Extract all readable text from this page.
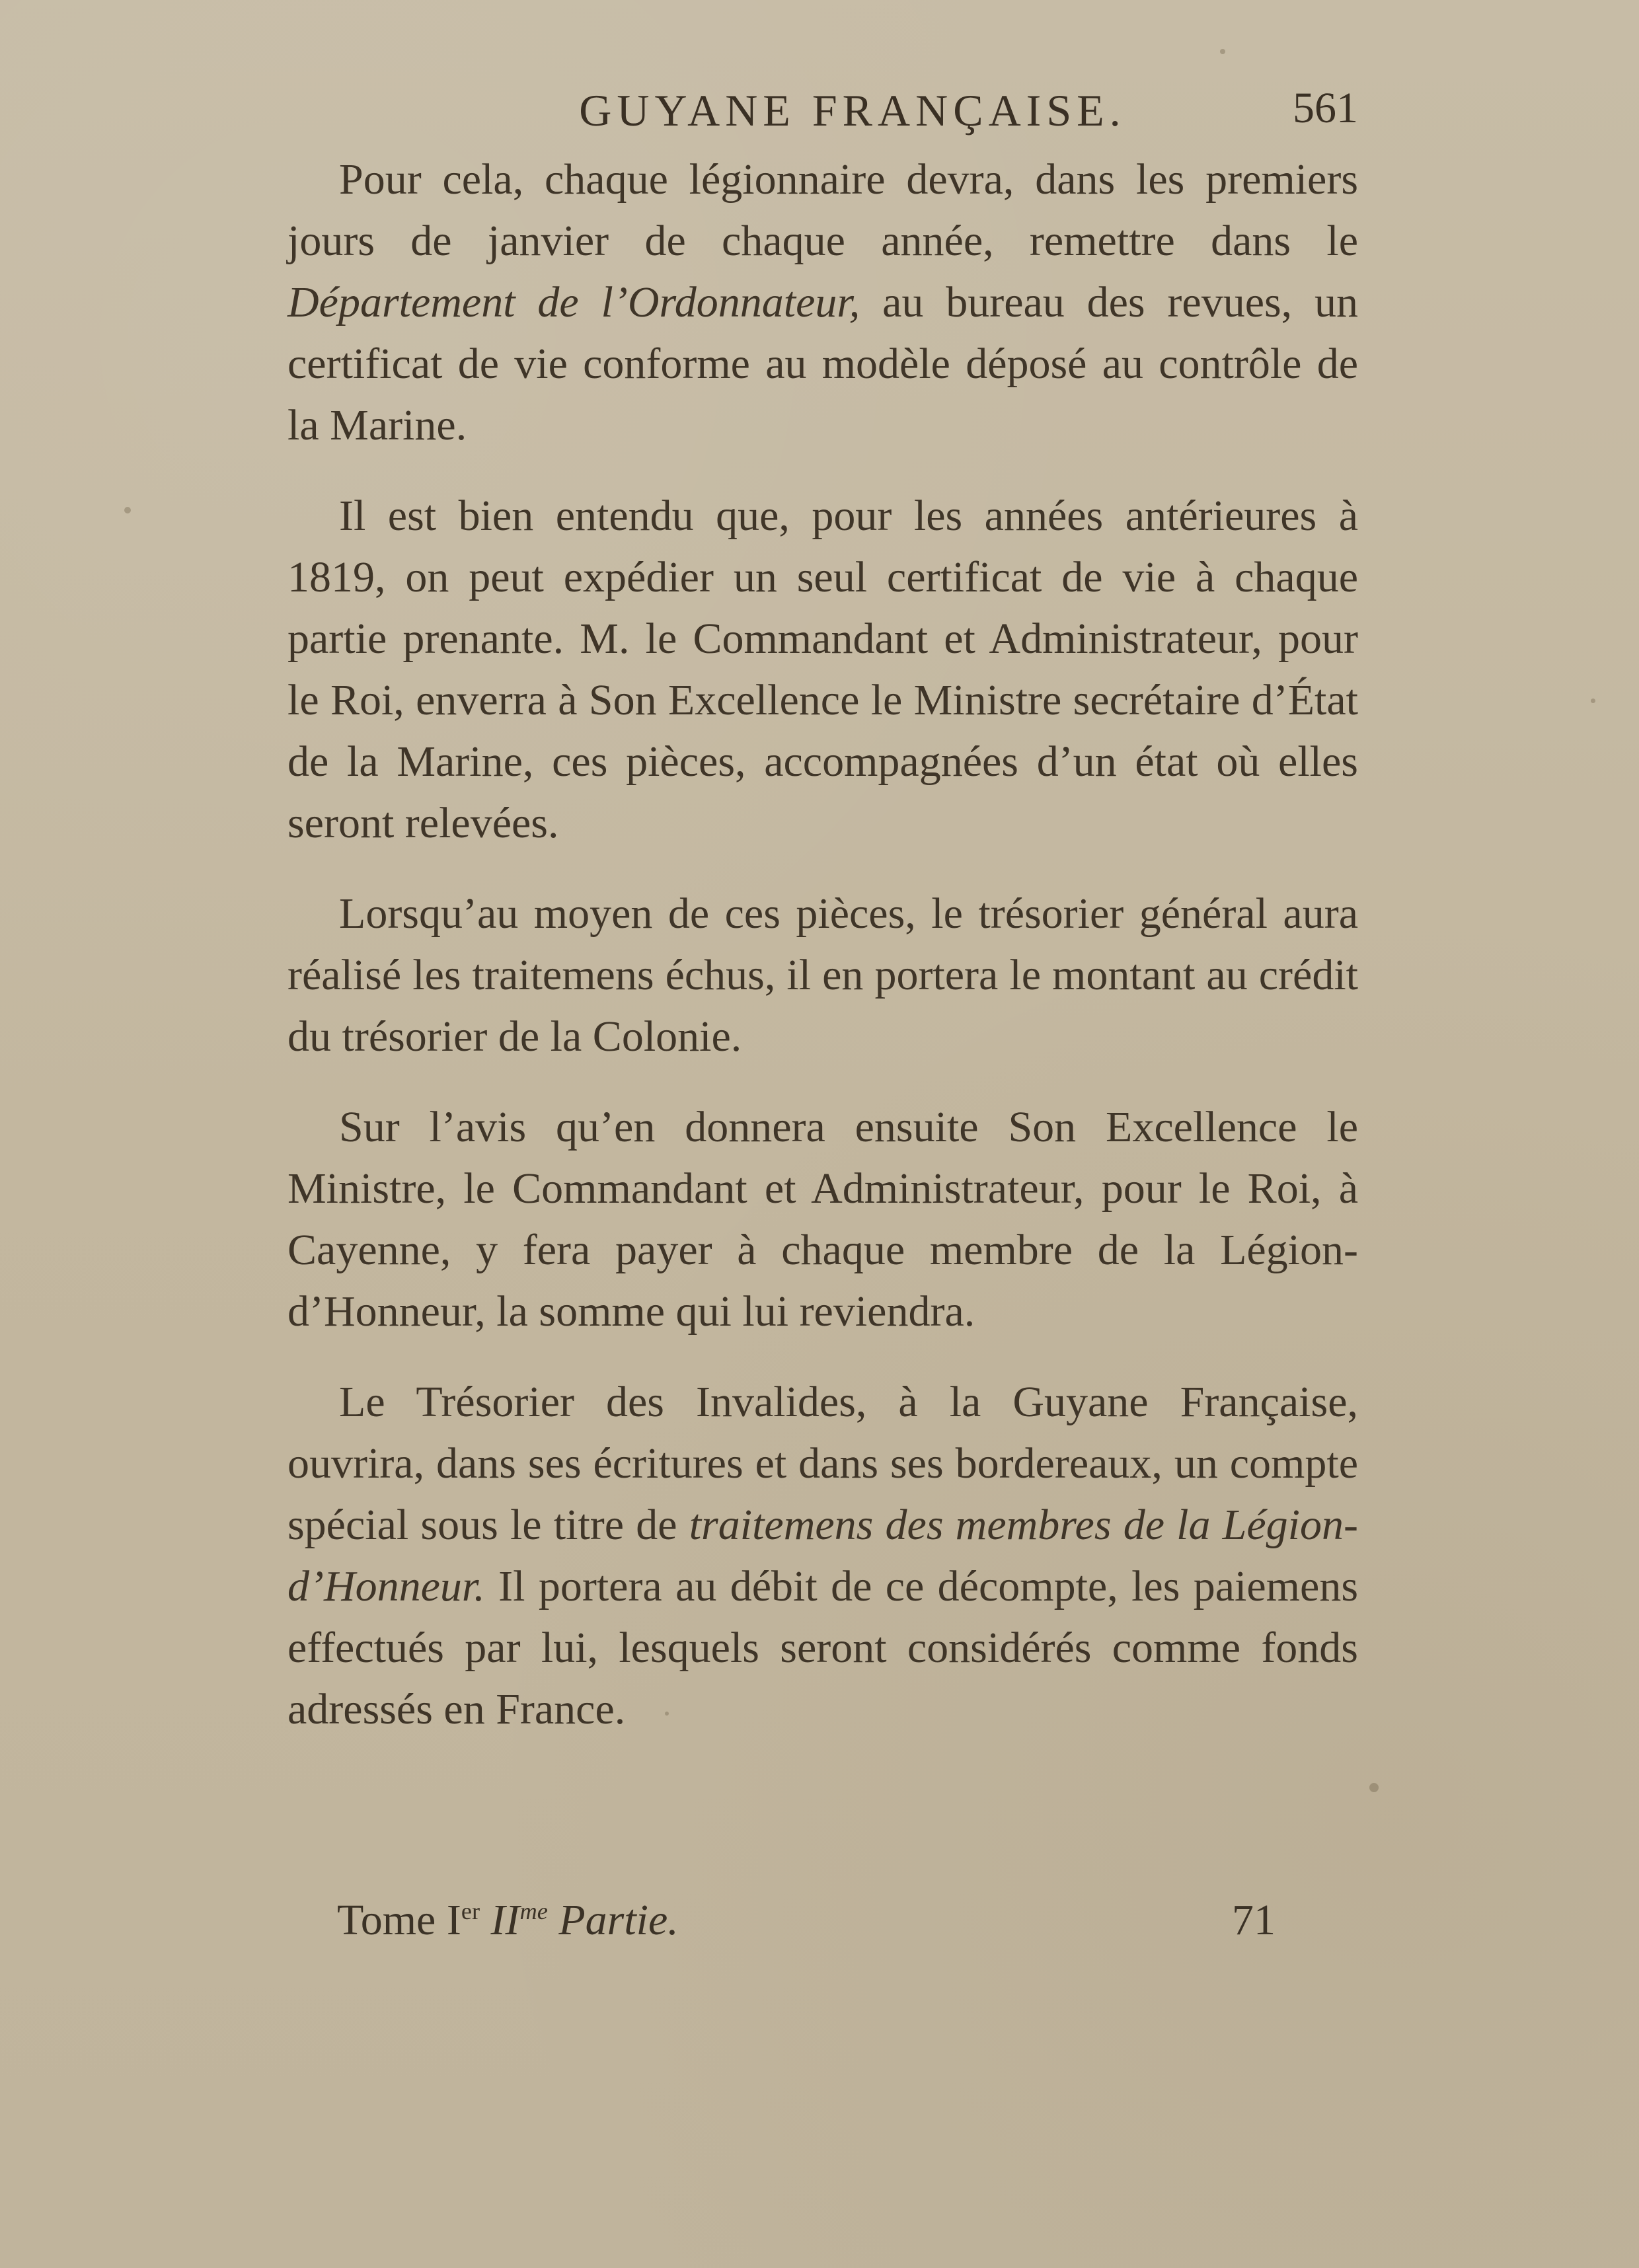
GUYANE FRANÇAISE.	561

Pour cela, chaque légionnaire devra, dans les premiers jours de janvier de chaque année, remettre dans le Département de l’Ordonnateur, au bureau des revues, un certificat de vie conforme au modèle déposé au contrôle de la Marine.

Il est bien entendu que, pour les années antérieures à 1819, on peut expédier un seul certificat de vie à chaque partie prenante. M. le Commandant et Administrateur, pour le Roi, enverra à Son Excellence le Ministre secrétaire d’État de la Marine, ces pièces, accompagnées d’un état où elles seront relevées.

Lorsqu’au moyen de ces pièces, le trésorier général aura réalisé les traitemens échus, il en portera le montant au crédit du trésorier de la Colonie.

Sur l’avis qu’en donnera ensuite Son Excellence le Ministre, le Commandant et Administrateur, pour le Roi, à Cayenne, y fera payer à chaque membre de la Légion-d’Honneur, la somme qui lui reviendra.

Le Trésorier des Invalides, à la Guyane Française, ouvrira, dans ses écritures et dans ses bordereaux, un compte spécial sous le titre de traitemens des membres de la Légion-d’Honneur. Il portera au débit de ce décompte, les paiemens effectués par lui, lesquels seront considérés comme fonds adressés en France.

Tome Ier $II^{me}$ Partie.	71
